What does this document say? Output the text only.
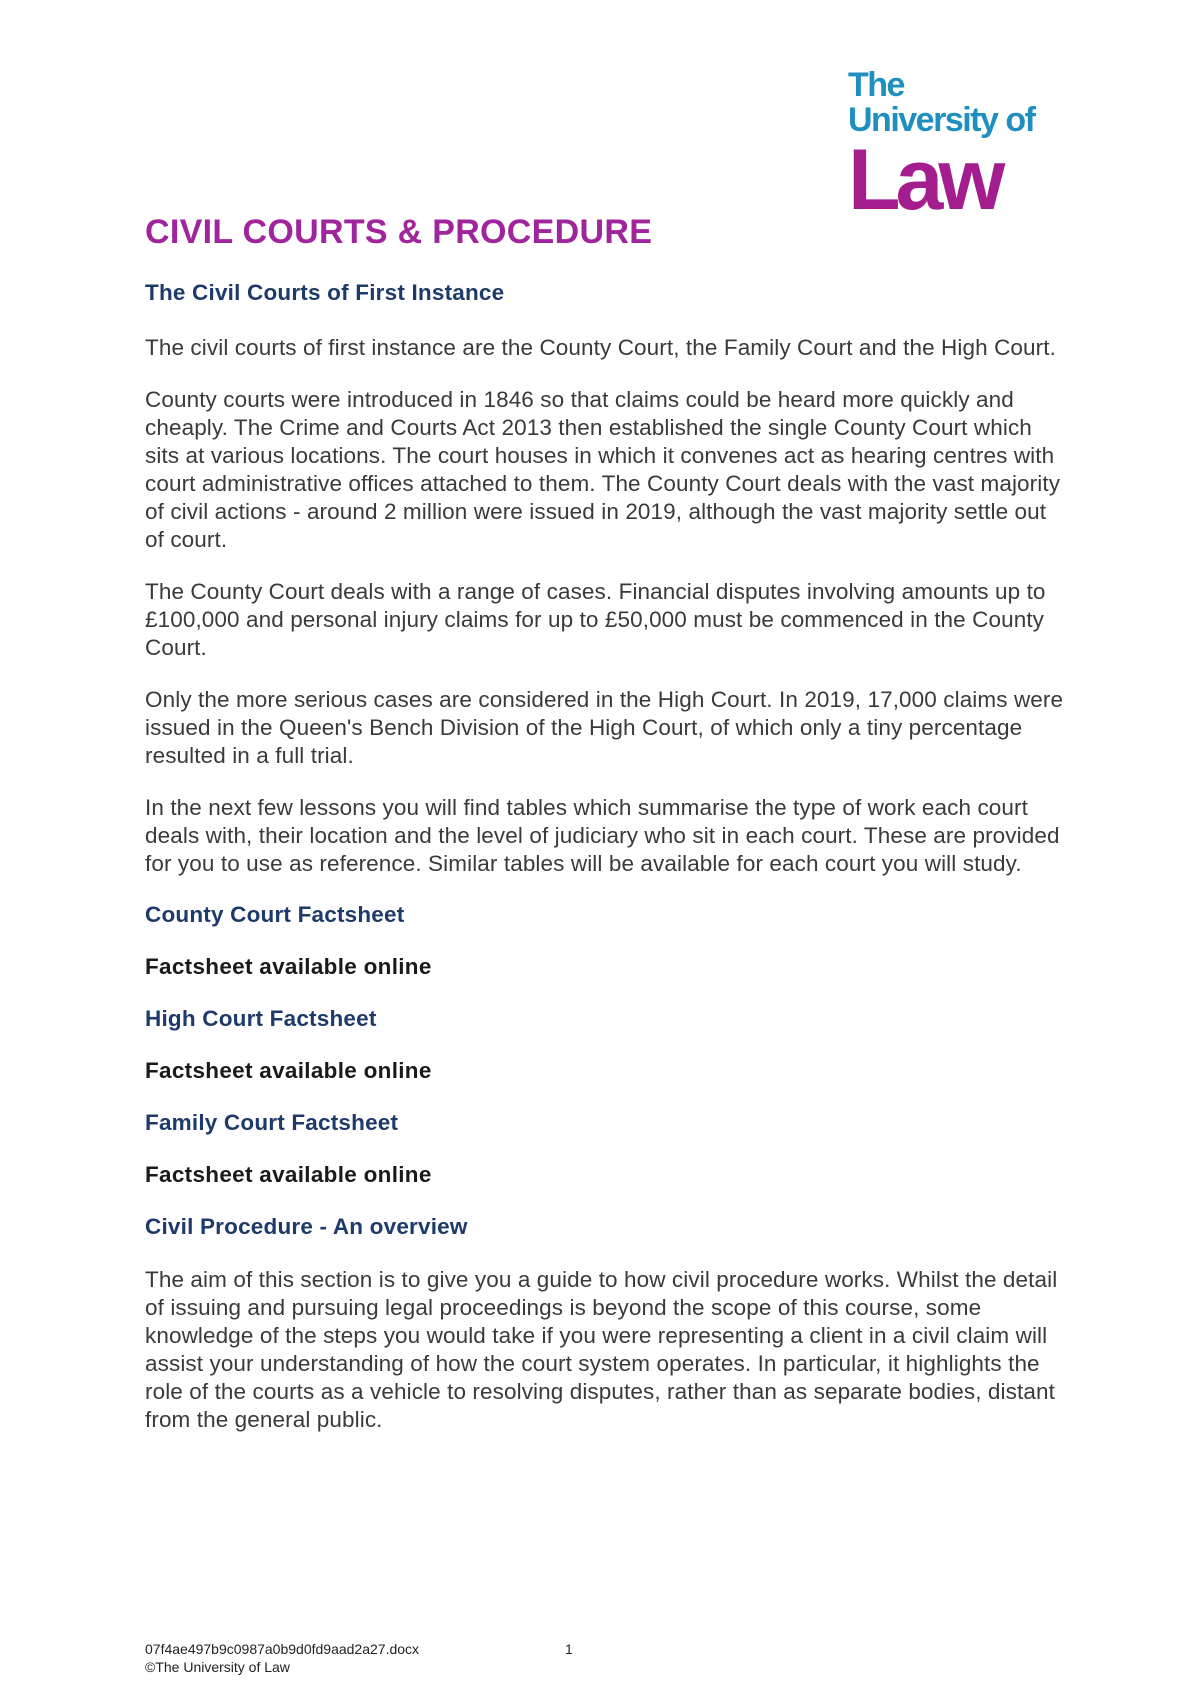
The
University of
Law
CIVIL COURTS & PROCEDURE
The Civil Courts of First Instance

The civil courts of first instance are the County Court, the Family Court and the High Court.

County courts were introduced in 1846 so that claims could be heard more quickly and cheaply. The Crime and Courts Act 2013 then established the single County Court which sits at various locations. The court houses in which it convenes act as hearing centres with court administrative offices attached to them. The County Court deals with the vast majority of civil actions - around 2 million were issued in 2019, although the vast majority settle out of court.

The County Court deals with a range of cases. Financial disputes involving amounts up to £100,000 and personal injury claims for up to £50,000 must be commenced in the County Court.

Only the more serious cases are considered in the High Court. In 2019, 17,000 claims were issued in the Queen's Bench Division of the High Court, of which only a tiny percentage resulted in a full trial.

In the next few lessons you will find tables which summarise the type of work each court deals with, their location and the level of judiciary who sit in each court. These are provided for you to use as reference. Similar tables will be available for each court you will study.

County Court Factsheet

Factsheet available online

High Court Factsheet

Factsheet available online

Family Court Factsheet

Factsheet available online

Civil Procedure - An overview

The aim of this section is to give you a guide to how civil procedure works. Whilst the detail of issuing and pursuing legal proceedings is beyond the scope of this course, some knowledge of the steps you would take if you were representing a client in a civil claim will assist your understanding of how the court system operates. In particular, it highlights the role of the courts as a vehicle to resolving disputes, rather than as separate bodies, distant from the general public.

07f4ae497b9c0987a0b9d0fd9aad2a27.docx	1
©The University of Law
